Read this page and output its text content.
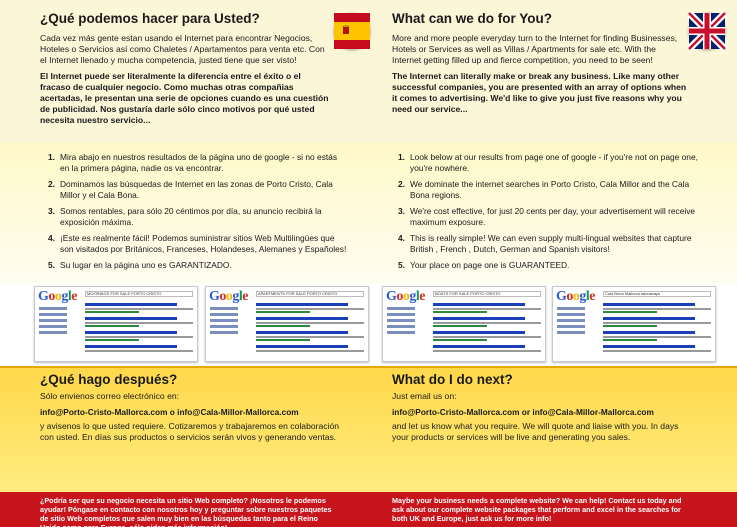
¿Qué podemos hacer para Usted?

Cada vez más gente estan usando el Internet para encontrar Negocios, Hoteles o Servicios así como Chaletes / Apartamentos para venta etc. Con el Internet llenado y mucha competencia, justed tiene que ser visto!

El Internet puede ser literalmente la diferencia entre el éxito o el fracaso de cualquier negocio. Como muchas otras compañias acertadas, le presentan una serie de opciones cuando es una cuestión de publicidad. Nos gustaría darle sólo cinco motivos por qué usted necesita nuestro servicio...

What can we do for You?

More and more people everyday turn to the Internet for finding Businesses, Hotels or Services as well as Villas / Apartments for sale etc. With the Internet getting filled up and fierce competition, you need to be seen!

The Internet can literally make or break any business. Like many other successful companies, you are presented with an array of options when it comes to advertising. We'd like to give you just five reasons why you need our service...

1. Mira abajo en nuestros resultados de la página uno de google - si no estás en la primera página, nadie os va encontrar.
2. Dominamos las búsquedas de Internet en las zonas de Porto Cristo, Cala Millor y el Cala Bona.
3. Somos rentables, para sólo 20 céntimos por día, su anuncio recibirá la exposición máxima.
4. ¡Este es realmente fácil! Podemos suministrar sitios Web Multilingües que son visitados por Británicos, Franceses, Holandeses, Alemanes y Españoles!
5. Su lugar en la página uno es GARANTIZADO.
1. Look below at our results from page one of google - if you're not on page one, you're nowhere.
2. We dominate the internet searches in Porto Cristo, Cala Millor and the Cala Bona regions.
3. We're cost effective, for just 20 cents per day, your advertisement will receive maximum exposure.
4. This is really simple! We can even supply multi-lingual websites that capture British , French , Dutch, German and Spanish visitors!
5. Your place on page one is GUARANTEED.
Google	MOORINGS FOR SALE PORTO CRISTO	Google	APARTMENTS FOR SALE PORTO CRISTO	Google	BOATS FOR SALE PORTO CRISTO	Google	Cala Bona Mallorca takeaways
¿Qué hago después?

Sólo envienos correo electrónico en:

info@Porto-Cristo-Mallorca.com o info@Cala-Millor-Mallorca.com

y avisenos lo que usted requiere. Cotizaremos y trabajaremos en colaboración con usted. En días sus productos o servicios serán vivos y generando ventas.

What do I do next?

Just email us on:

info@Porto-Cristo-Mallorca.com or info@Cala-Millor-Mallorca.com

and let us know what you require. We will quote and liaise with you. In days your products or services will be live and generating you sales.

¿Podría ser que su negocio necesita un sitio Web completo? ¡Nosotros le podemos ayudar! Póngase en contacto con nosotros hoy y preguntar sobre nuestros paquetes de sitio Web completos que salen muy bien en las búsquedas tanto para el Reino Unido como para Europa, sólo piden más información!

Maybe your business needs a complete website? We can help! Contact us today and ask about our complete website packages that perform and excel in the searches for both UK and Europe, just ask us for more info!
